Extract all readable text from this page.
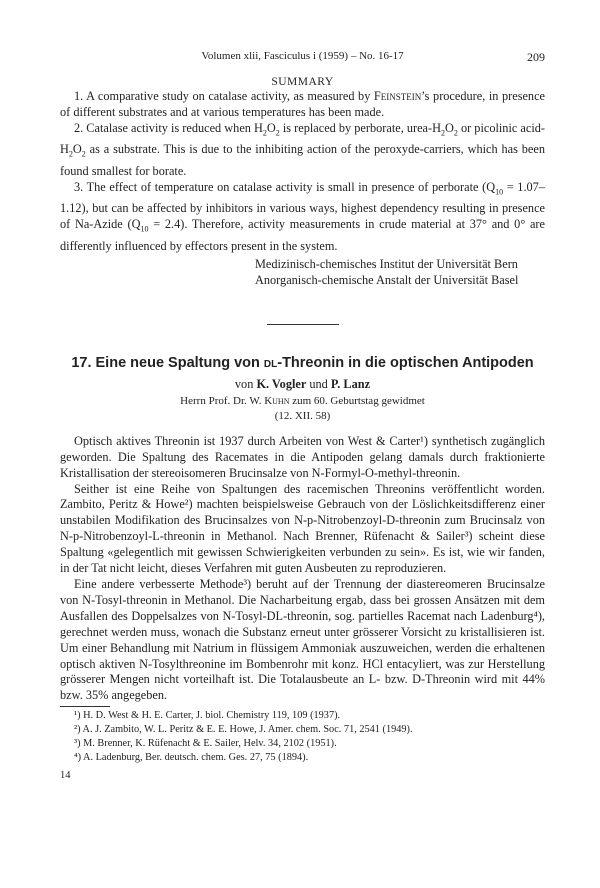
Volumen xlii, Fasciculus i (1959) – No. 16-17	209
SUMMARY

1. A comparative study on catalase activity, as measured by Feinstein’s procedure, in presence of different substrates and at various temperatures has been made.

2. Catalase activity is reduced when $H_2O_2$ is replaced by perborate, urea-$H_2O_2$ or picolinic acid-$H_2O_2$ as a substrate. This is due to the inhibiting action of the peroxyde-carriers, which has been found smallest for borate.

3. The effect of temperature on catalase activity is small in presence of perborate $(Q_{10} = 1.07-1.12)$, but can be affected by inhibitors in various ways, highest dependency resulting in presence of Na-Azide $(Q_{10} = 2.4)$. Therefore, activity measurements in crude material at 37° and 0° are differently influenced by effectors present in the system.

Medizinisch-chemisches Institut der Universität Bern
Anorganisch-chemische Anstalt der Universität Basel
17. Eine neue Spaltung von dl-Threonin in die optischen Antipoden
von K. Vogler und P. Lanz
Herrn Prof. Dr. W. Kuhn zum 60. Geburtstag gewidmet
(12. XII. 58)

Optisch aktives Threonin ist 1937 durch Arbeiten von West & Carter¹) synthetisch zugänglich geworden. Die Spaltung des Racemates in die Antipoden gelang damals durch fraktionierte Kristallisation der stereoisomeren Brucinsalze von N-Formyl-O-methyl-threonin.

Seither ist eine Reihe von Spaltungen des racemischen Threonins veröffentlicht worden. Zambito, Peritz & Howe²) machten beispielsweise Gebrauch von der Löslichkeitsdifferenz einer unstabilen Modifikation des Brucinsalzes von N-p-Nitrobenzoyl-D-threonin zum Brucinsalz von N-p-Nitrobenzoyl-L-threonin in Methanol. Nach Brenner, Rüfenacht & Sailer³) scheint diese Spaltung «gelegentlich mit gewissen Schwierigkeiten verbunden zu sein». Es ist, wie wir fanden, in der Tat nicht leicht, dieses Verfahren mit guten Ausbeuten zu reproduzieren.

Eine andere verbesserte Methode³) beruht auf der Trennung der diastereomeren Brucinsalze von N-Tosyl-threonin in Methanol. Die Nacharbeitung ergab, dass bei grossen Ansätzen mit dem Ausfallen des Doppelsalzes von N-Tosyl-DL-threonin, sog. partielles Racemat nach Ladenburg⁴), gerechnet werden muss, wonach die Substanz erneut unter grösserer Vorsicht zu kristallisieren ist. Um einer Behandlung mit Natrium in flüssigem Ammoniak auszuweichen, werden die erhaltenen optisch aktiven N-Tosylthreonine im Bombenrohr mit konz. HCl entacyliert, was zur Herstellung grösserer Mengen nicht vorteilhaft ist. Die Totalausbeute an L- bzw. D-Threonin wird mit 44% bzw. 35% angegeben.

¹) H. D. West & H. E. Carter, J. biol. Chemistry 119, 109 (1937).
²) A. J. Zambito, W. L. Peritz & E. E. Howe, J. Amer. chem. Soc. 71, 2541 (1949).
³) M. Brenner, K. Rüfenacht & E. Sailer, Helv. 34, 2102 (1951).
⁴) A. Ladenburg, Ber. deutsch. chem. Ges. 27, 75 (1894).
14
